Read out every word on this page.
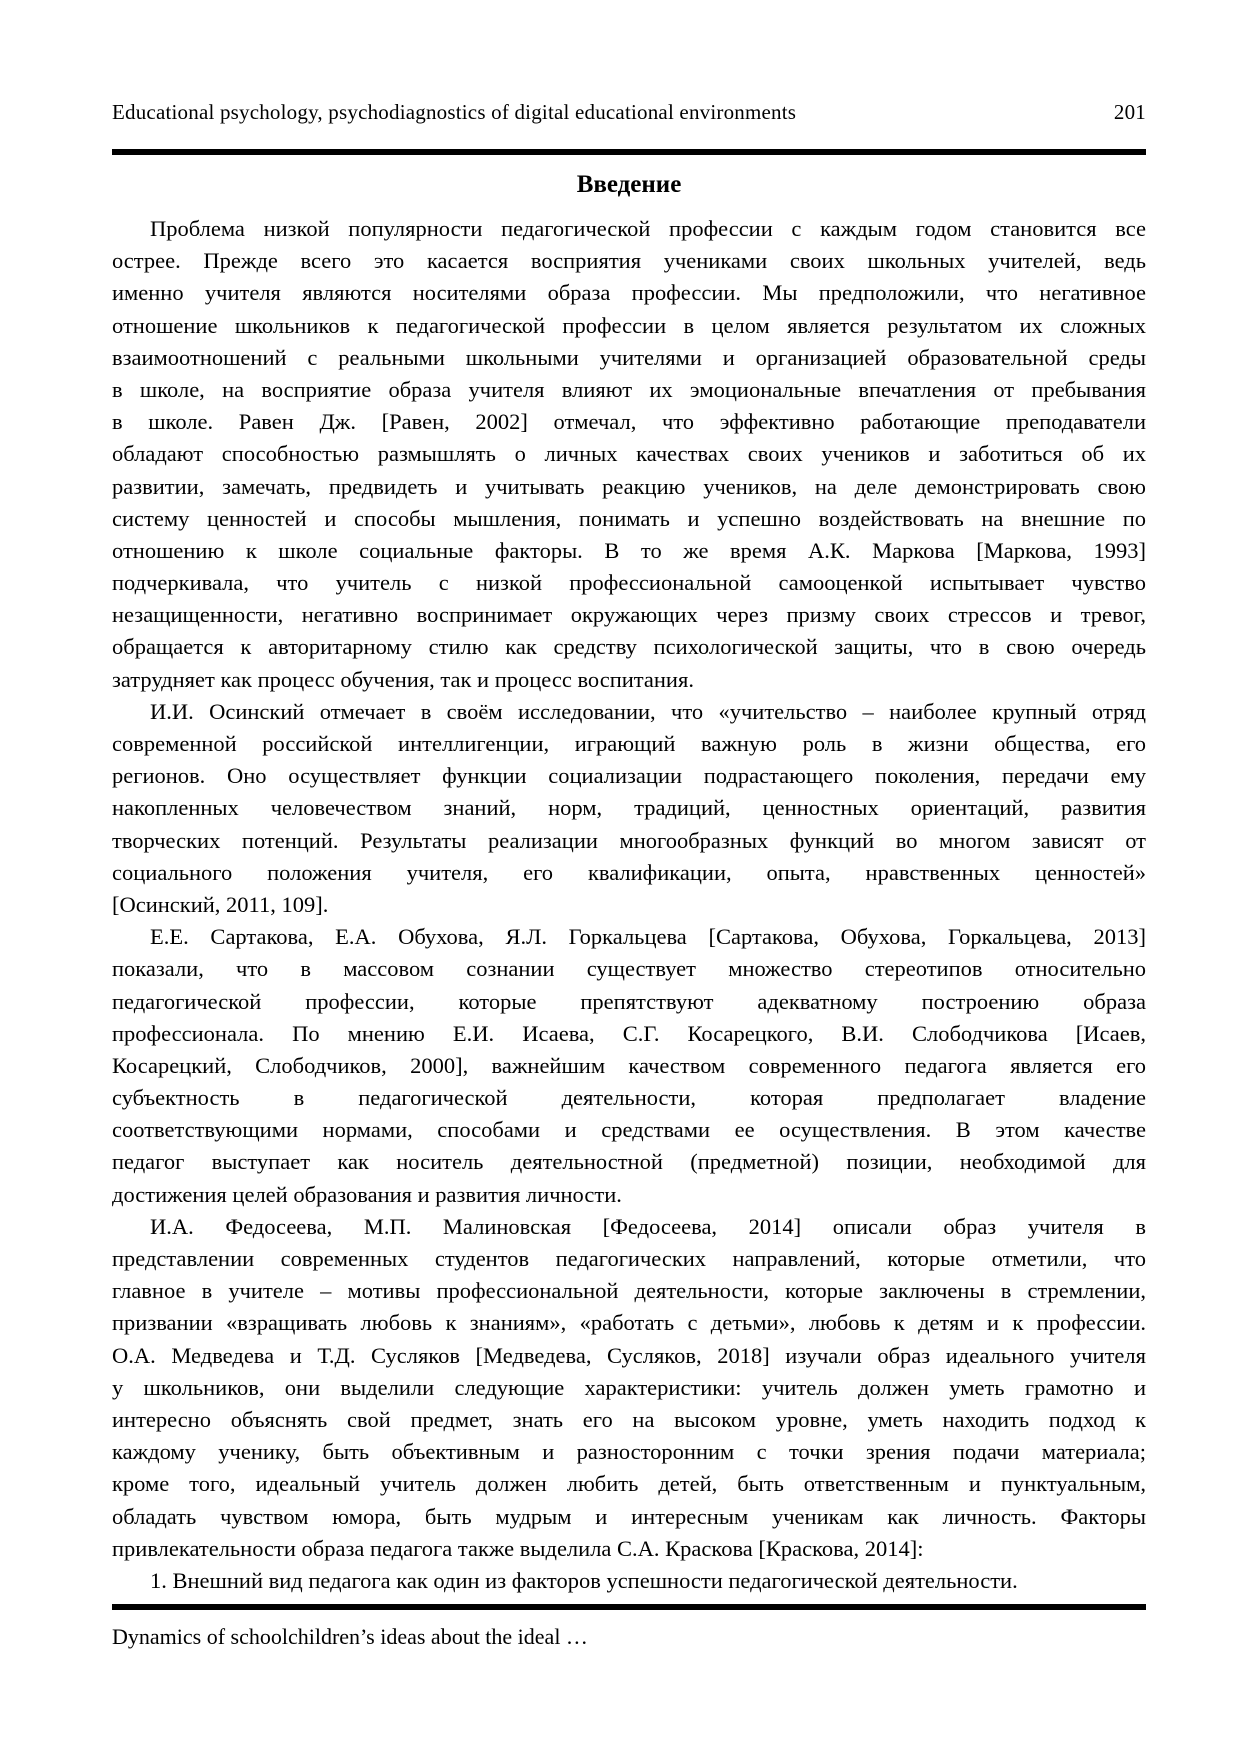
Educational psychology, psychodiagnostics of digital educational environments	201
Введение
Проблема низкой популярности педагогической профессии с каждым годом становится все
острее. Прежде всего это касается восприятия учениками своих школьных учителей, ведь
именно учителя являются носителями образа профессии. Мы предположили, что негативное
отношение школьников к педагогической профессии в целом является результатом их сложных
взаимоотношений с реальными школьными учителями и организацией образовательной среды
в школе, на восприятие образа учителя влияют их эмоциональные впечатления от пребывания
в школе. Равен Дж. [Равен, 2002] отмечал, что эффективно работающие преподаватели
обладают способностью размышлять о личных качествах своих учеников и заботиться об их
развитии, замечать, предвидеть и учитывать реакцию учеников, на деле демонстрировать свою
систему ценностей и способы мышления, понимать и успешно воздействовать на внешние по
отношению к школе социальные факторы. В то же время А.К. Маркова [Маркова, 1993]
подчеркивала, что учитель с низкой профессиональной самооценкой испытывает чувство
незащищенности, негативно воспринимает окружающих через призму своих стрессов и тревог,
обращается к авторитарному стилю как средству психологической защиты, что в свою очередь
затрудняет как процесс обучения, так и процесс воспитания.
И.И. Осинский отмечает в своём исследовании, что «учительство – наиболее крупный отряд
современной российской интеллигенции, играющий важную роль в жизни общества, его
регионов. Оно осуществляет функции социализации подрастающего поколения, передачи ему
накопленных человечеством знаний, норм, традиций, ценностных ориентаций, развития
творческих потенций. Результаты реализации многообразных функций во многом зависят от
социального положения учителя, его квалификации, опыта, нравственных ценностей»
[Осинский, 2011, 109].
Е.Е. Сартакова, Е.А. Обухова, Я.Л. Горкальцева [Сартакова, Обухова, Горкальцева, 2013]
показали, что в массовом сознании существует множество стереотипов относительно
педагогической профессии, которые препятствуют адекватному построению образа
профессионала. По мнению Е.И. Исаева, С.Г. Косарецкого, В.И. Слободчикова [Исаев,
Косарецкий, Слободчиков, 2000], важнейшим качеством современного педагога является его
субъектность в педагогической деятельности, которая предполагает владение
соответствующими нормами, способами и средствами ее осуществления. В этом качестве
педагог выступает как носитель деятельностной (предметной) позиции, необходимой для
достижения целей образования и развития личности.
И.А. Федосеева, М.П. Малиновская [Федосеева, 2014] описали образ учителя в
представлении современных студентов педагогических направлений, которые отметили, что
главное в учителе – мотивы профессиональной деятельности, которые заключены в стремлении,
призвании «взращивать любовь к знаниям», «работать с детьми», любовь к детям и к профессии.
О.А. Медведева и Т.Д. Сусляков [Медведева, Сусляков, 2018] изучали образ идеального учителя
у школьников, они выделили следующие характеристики: учитель должен уметь грамотно и
интересно объяснять свой предмет, знать его на высоком уровне, уметь находить подход к
каждому ученику, быть объективным и разносторонним с точки зрения подачи материала;
кроме того, идеальный учитель должен любить детей, быть ответственным и пунктуальным,
обладать чувством юмора, быть мудрым и интересным ученикам как личность. Факторы
привлекательности образа педагога также выделила С.А. Краскова [Краскова, 2014]:
1. Внешний вид педагога как один из факторов успешности педагогической деятельности.
Dynamics of schoolchildren’s ideas about the ideal …
